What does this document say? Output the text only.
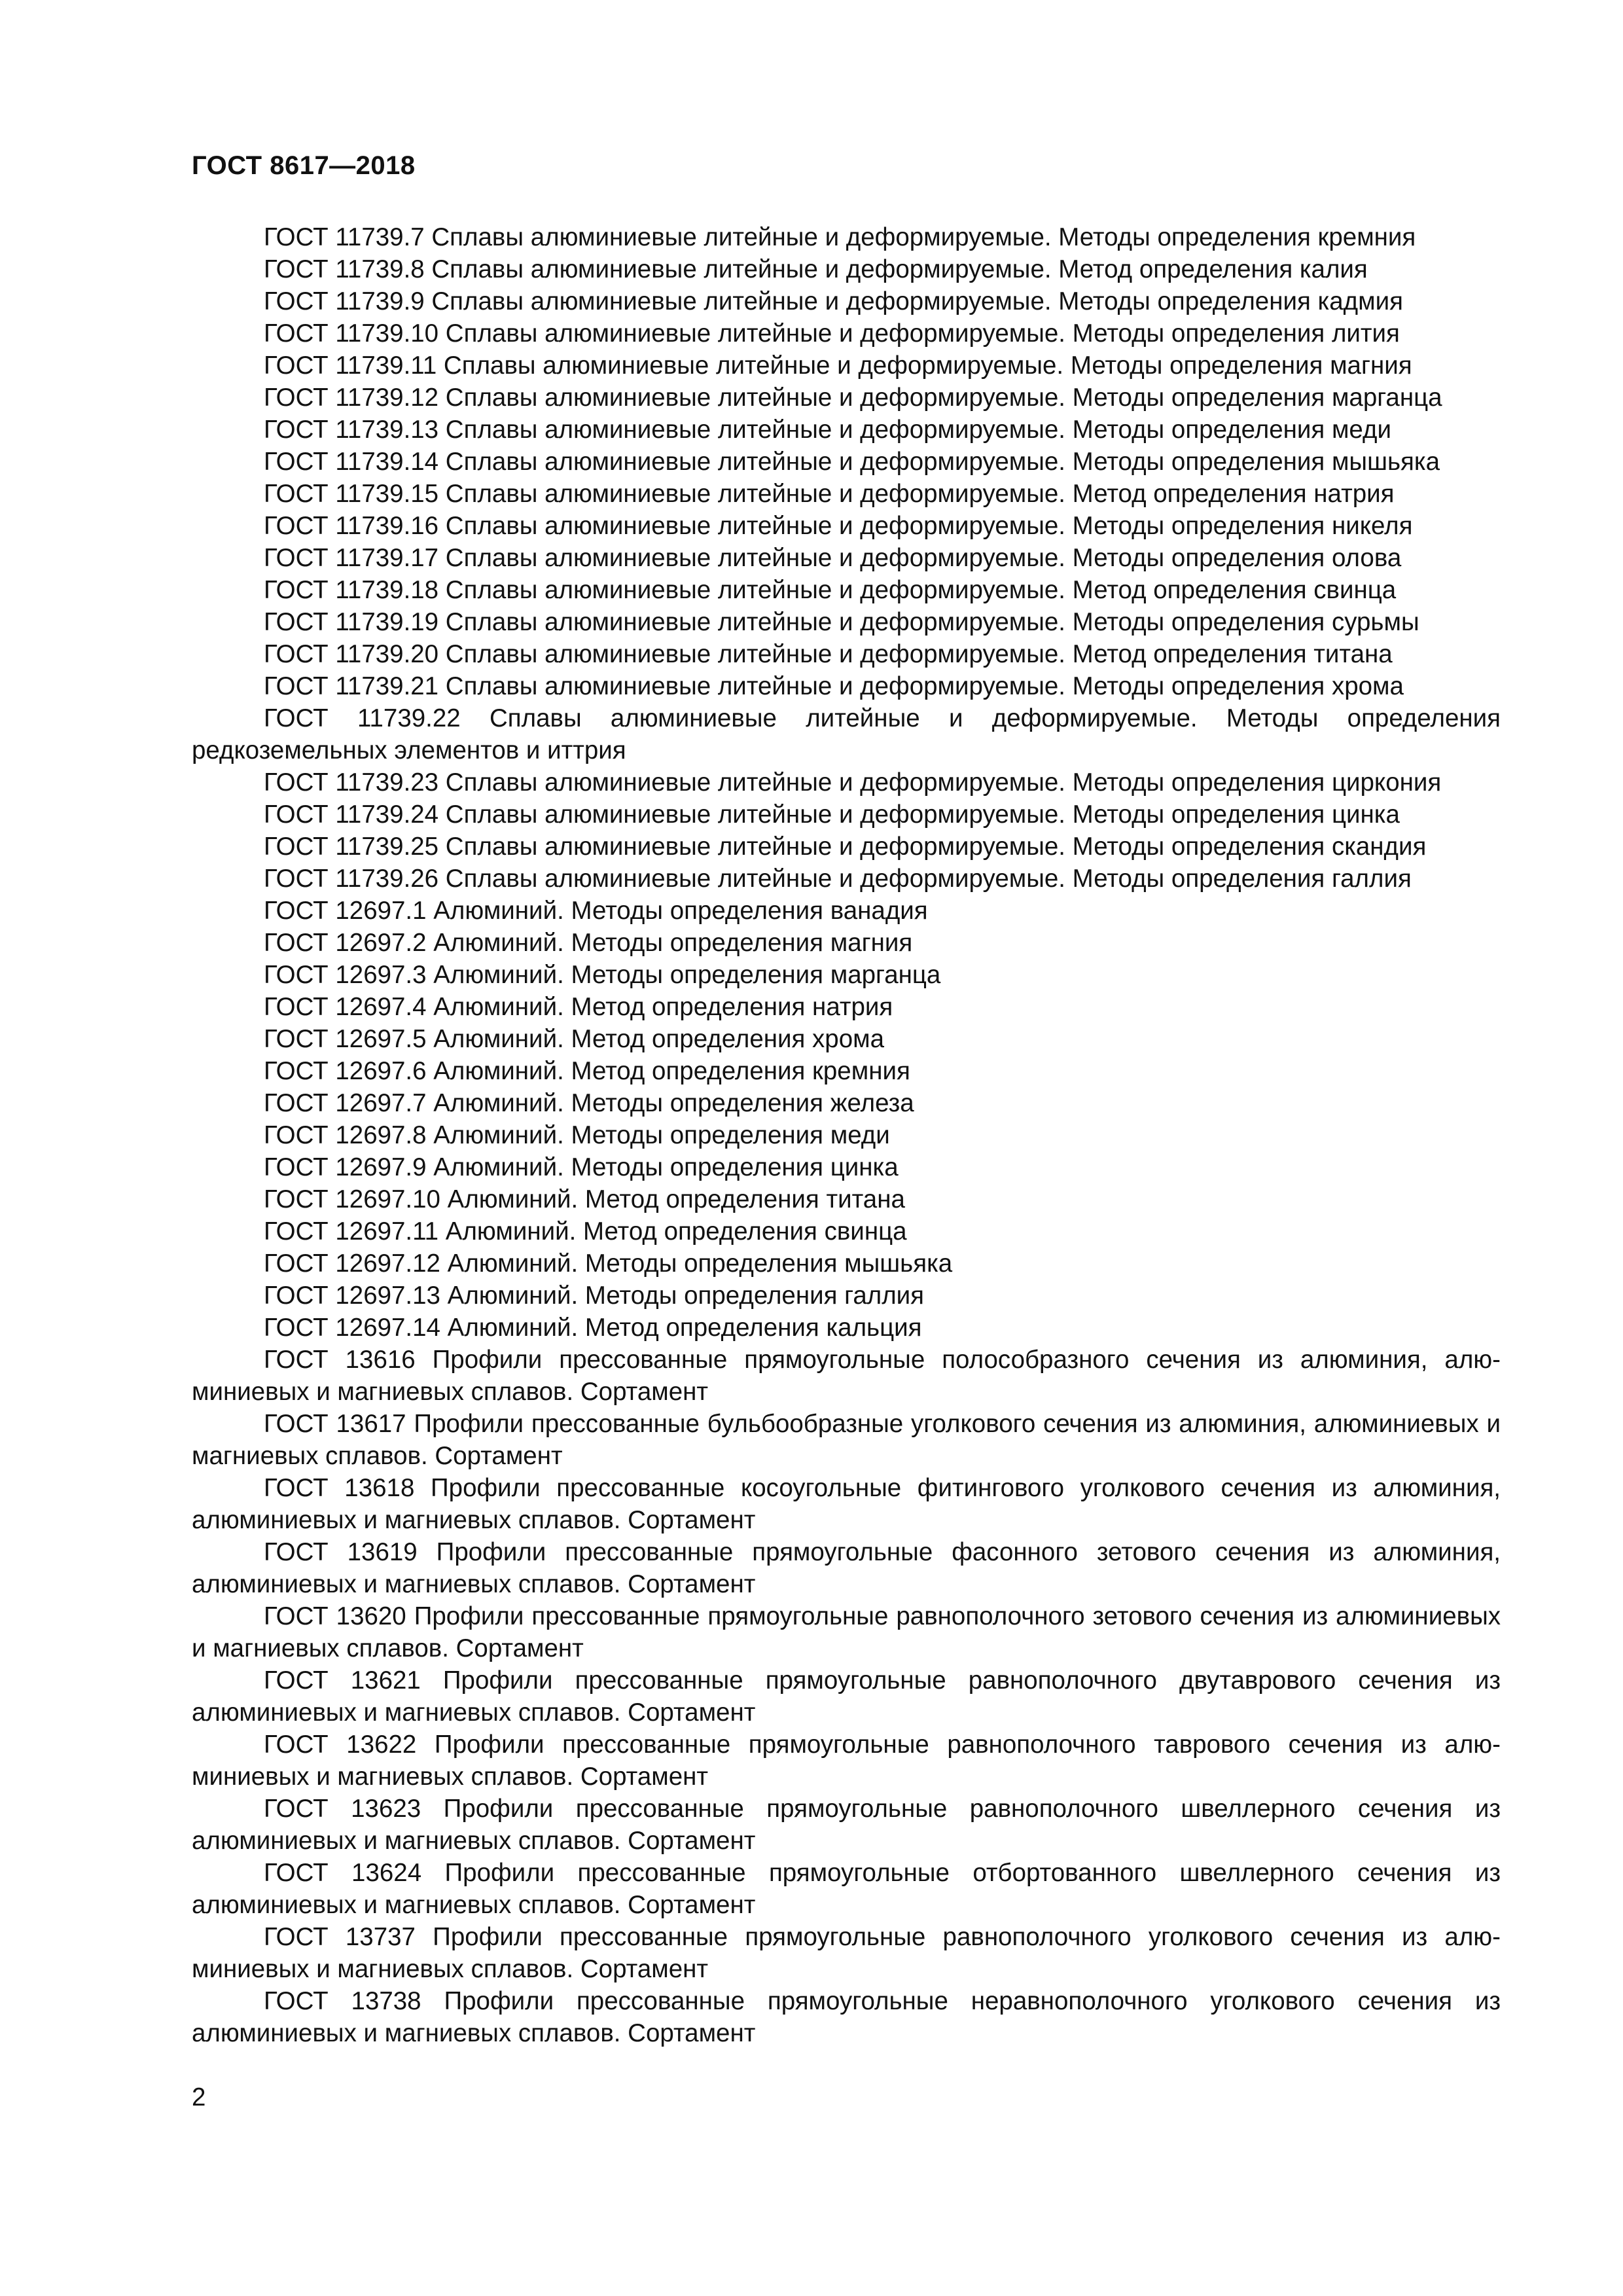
ГОСТ 8617—2018
ГОСТ 11739.7 Сплавы алюминиевые литейные и деформируемые. Методы определения кремния
ГОСТ 11739.8 Сплавы алюминиевые литейные и деформируемые. Метод определения калия
ГОСТ 11739.9 Сплавы алюминиевые литейные и деформируемые. Методы определения кадмия
ГОСТ 11739.10 Сплавы алюминиевые литейные и деформируемые. Методы определения лития
ГОСТ 11739.11 Сплавы алюминиевые литейные и деформируемые. Методы определения магния
ГОСТ 11739.12 Сплавы алюминиевые литейные и деформируемые. Методы определения марганца
ГОСТ 11739.13 Сплавы алюминиевые литейные и деформируемые. Методы определения меди
ГОСТ 11739.14 Сплавы алюминиевые литейные и деформируемые. Методы определения мышьяка
ГОСТ 11739.15 Сплавы алюминиевые литейные и деформируемые. Метод определения натрия
ГОСТ 11739.16 Сплавы алюминиевые литейные и деформируемые. Методы определения никеля
ГОСТ 11739.17 Сплавы алюминиевые литейные и деформируемые. Методы определения олова
ГОСТ 11739.18 Сплавы алюминиевые литейные и деформируемые. Метод определения свинца
ГОСТ 11739.19 Сплавы алюминиевые литейные и деформируемые. Методы определения сурьмы
ГОСТ 11739.20 Сплавы алюминиевые литейные и деформируемые. Метод определения титана
ГОСТ 11739.21 Сплавы алюминиевые литейные и деформируемые. Методы определения хрома
ГОСТ 11739.22 Сплавы алюминиевые литейные и деформируемые. Методы определения редкоземельных элементов и иттрия
ГОСТ 11739.23 Сплавы алюминиевые литейные и деформируемые. Методы определения циркония
ГОСТ 11739.24 Сплавы алюминиевые литейные и деформируемые. Методы определения цинка
ГОСТ 11739.25 Сплавы алюминиевые литейные и деформируемые. Методы определения скандия
ГОСТ 11739.26 Сплавы алюминиевые литейные и деформируемые. Методы определения галлия
ГОСТ 12697.1 Алюминий. Методы определения ванадия
ГОСТ 12697.2 Алюминий. Методы определения магния
ГОСТ 12697.3 Алюминий. Методы определения марганца
ГОСТ 12697.4 Алюминий. Метод определения натрия
ГОСТ 12697.5 Алюминий. Метод определения хрома
ГОСТ 12697.6 Алюминий. Метод определения кремния
ГОСТ 12697.7 Алюминий. Методы определения железа
ГОСТ 12697.8 Алюминий. Методы определения меди
ГОСТ 12697.9 Алюминий. Методы определения цинка
ГОСТ 12697.10 Алюминий. Метод определения титана
ГОСТ 12697.11 Алюминий. Метод определения свинца
ГОСТ 12697.12 Алюминий. Методы определения мышьяка
ГОСТ 12697.13 Алюминий. Методы определения галлия
ГОСТ 12697.14 Алюминий. Метод определения кальция
ГОСТ 13616 Профили прессованные прямоугольные полособразного сечения из алюминия, алюминиевых и магниевых сплавов. Сортамент
ГОСТ 13617 Профили прессованные бульбообразные уголкового сечения из алюминия, алюминиевых и магниевых сплавов. Сортамент
ГОСТ 13618 Профили прессованные косоугольные фитингового уголкового сечения из алюминия, алюминиевых и магниевых сплавов. Сортамент
ГОСТ 13619 Профили прессованные прямоугольные фасонного зетового сечения из алюминия, алюминиевых и магниевых сплавов. Сортамент
ГОСТ 13620 Профили прессованные прямоугольные равнополочного зетового сечения из алюминиевых и магниевых сплавов. Сортамент
ГОСТ 13621 Профили прессованные прямоугольные равнополочного двутаврового сечения из алюминиевых и магниевых сплавов. Сортамент
ГОСТ 13622 Профили прессованные прямоугольные равнополочного таврового сечения из алюминиевых и магниевых сплавов. Сортамент
ГОСТ 13623 Профили прессованные прямоугольные равнополочного швеллерного сечения из алюминиевых и магниевых сплавов. Сортамент
ГОСТ 13624 Профили прессованные прямоугольные отбортованного швеллерного сечения из алюминиевых и магниевых сплавов. Сортамент
ГОСТ 13737 Профили прессованные прямоугольные равнополочного уголкового сечения из алюминиевых и магниевых сплавов. Сортамент
ГОСТ 13738 Профили прессованные прямоугольные неравнополочного уголкового сечения из алюминиевых и магниевых сплавов. Сортамент
2
